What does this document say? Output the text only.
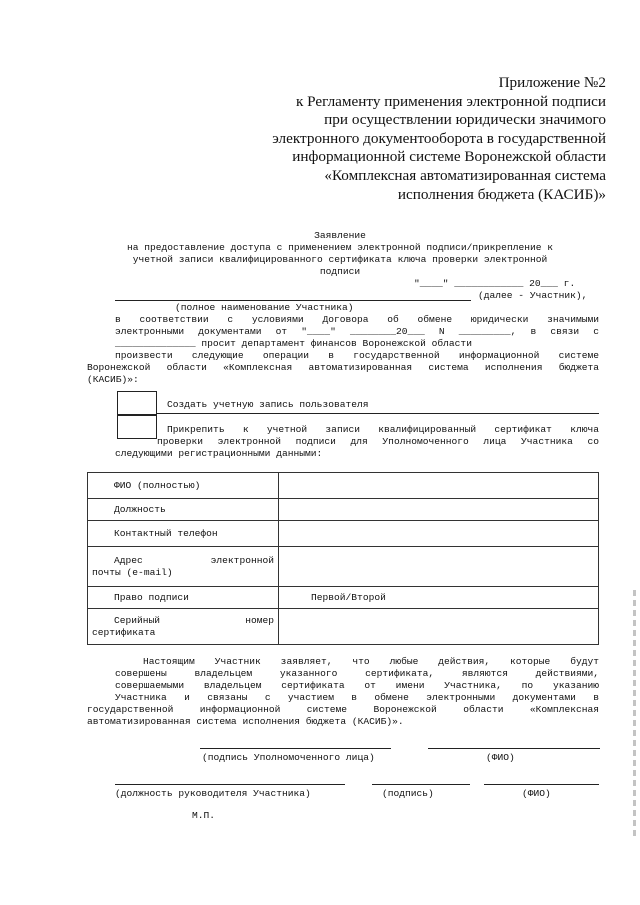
Приложение №2
к Регламенту применения электронной подписи
при осуществлении юридически значимого
электронного документооборота в государственной
информационной системе Воронежской области
«Комплексная автоматизированная система
исполнения бюджета (КАСИБ)»
Заявление
на предоставление доступа с применением электронной подписи/прикрепление к
учетной записи квалифицированного сертификата ключа проверки электронной
подписи
"____" ____________ 20___ г.
(далее - Участник),
(полное наименование Участника)
в соответствии с условиями Договора об обмене юридически значимыми
электронными документами от "____" ________20___ N _________, в связи с
______________ просит департамент финансов Воронежской области
произвести следующие операции в государственной информационной системе
Воронежской области «Комплексная автоматизированная система исполнения бюджета
(КАСИБ)»:
Создать учетную запись пользователя
Прикрепить к учетной записи квалифицированный сертификат ключа
проверки электронной подписи для Уполномоченного лица Участника со
следующими регистрационными данными:
ФИО (полностью)	
Должность	
Контактный телефон	

Адрес электронной
почты (e-mail)	

Право подписи	Первой/Второй

Серийный номер
сертификата	

Настоящим Участник заявляет, что любые действия, которые будут
совершены владельцем указанного сертификата, являются действиями,
совершаемыми владельцем сертификата от имени Участника, по указанию
Участника и связаны с участием в обмене электронными документами в
государственной информационной системе Воронежской области «Комплексная
автоматизированная система исполнения бюджета (КАСИБ)».
(подпись Уполномоченного лица)	(ФИО)
(должность руководителя Участника)	(подпись)	(ФИО)
М.П.
